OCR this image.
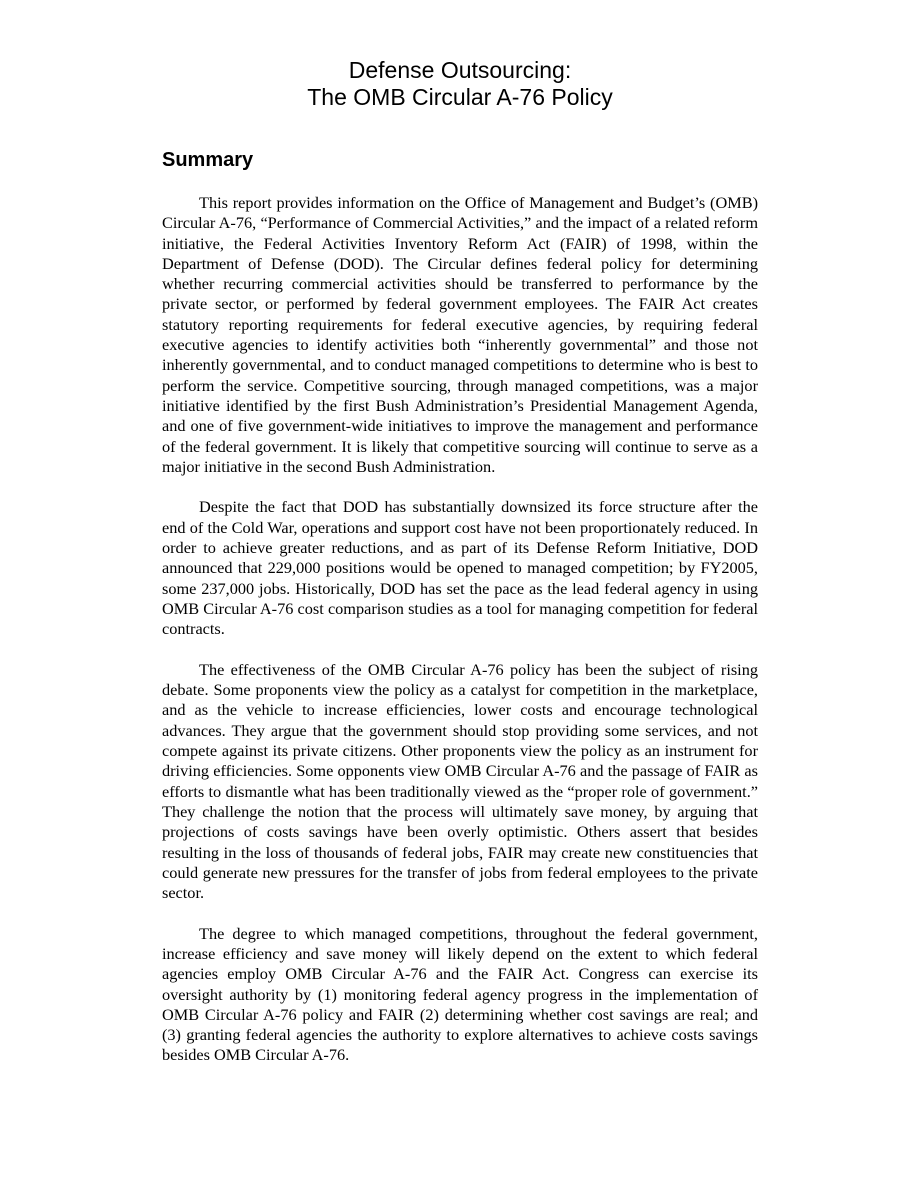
Defense Outsourcing:
The OMB Circular A-76 Policy
Summary

This report provides information on the Office of Management and Budget’s (OMB) Circular A-76, “Performance of Commercial Activities,” and the impact of a related reform initiative, the Federal Activities Inventory Reform Act (FAIR) of 1998, within the Department of Defense (DOD). The Circular defines federal policy for determining whether recurring commercial activities should be transferred to performance by the private sector, or performed by federal government employees. The FAIR Act creates statutory reporting requirements for federal executive agencies, by requiring federal executive agencies to identify activities both “inherently governmental” and those not inherently governmental, and to conduct managed competitions to determine who is best to perform the service. Competitive sourcing, through managed competitions, was a major initiative identified by the first Bush Administration’s Presidential Management Agenda, and one of five government-wide initiatives to improve the management and performance of the federal government. It is likely that competitive sourcing will continue to serve as a major initiative in the second Bush Administration.

Despite the fact that DOD has substantially downsized its force structure after the end of the Cold War, operations and support cost have not been proportionately reduced. In order to achieve greater reductions, and as part of its Defense Reform Initiative, DOD announced that 229,000 positions would be opened to managed competition; by FY2005, some 237,000 jobs. Historically, DOD has set the pace as the lead federal agency in using OMB Circular A-76 cost comparison studies as a tool for managing competition for federal contracts.

The effectiveness of the OMB Circular A-76 policy has been the subject of rising debate. Some proponents view the policy as a catalyst for competition in the marketplace, and as the vehicle to increase efficiencies, lower costs and encourage technological advances. They argue that the government should stop providing some services, and not compete against its private citizens. Other proponents view the policy as an instrument for driving efficiencies. Some opponents view OMB Circular A-76 and the passage of FAIR as efforts to dismantle what has been traditionally viewed as the “proper role of government.” They challenge the notion that the process will ultimately save money, by arguing that projections of costs savings have been overly optimistic. Others assert that besides resulting in the loss of thousands of federal jobs, FAIR may create new constituencies that could generate new pressures for the transfer of jobs from federal employees to the private sector.

The degree to which managed competitions, throughout the federal government, increase efficiency and save money will likely depend on the extent to which federal agencies employ OMB Circular A-76 and the FAIR Act. Congress can exercise its oversight authority by (1) monitoring federal agency progress in the implementation of OMB Circular A-76 policy and FAIR (2) determining whether cost savings are real; and (3) granting federal agencies the authority to explore alternatives to achieve costs savings besides OMB Circular A-76.
